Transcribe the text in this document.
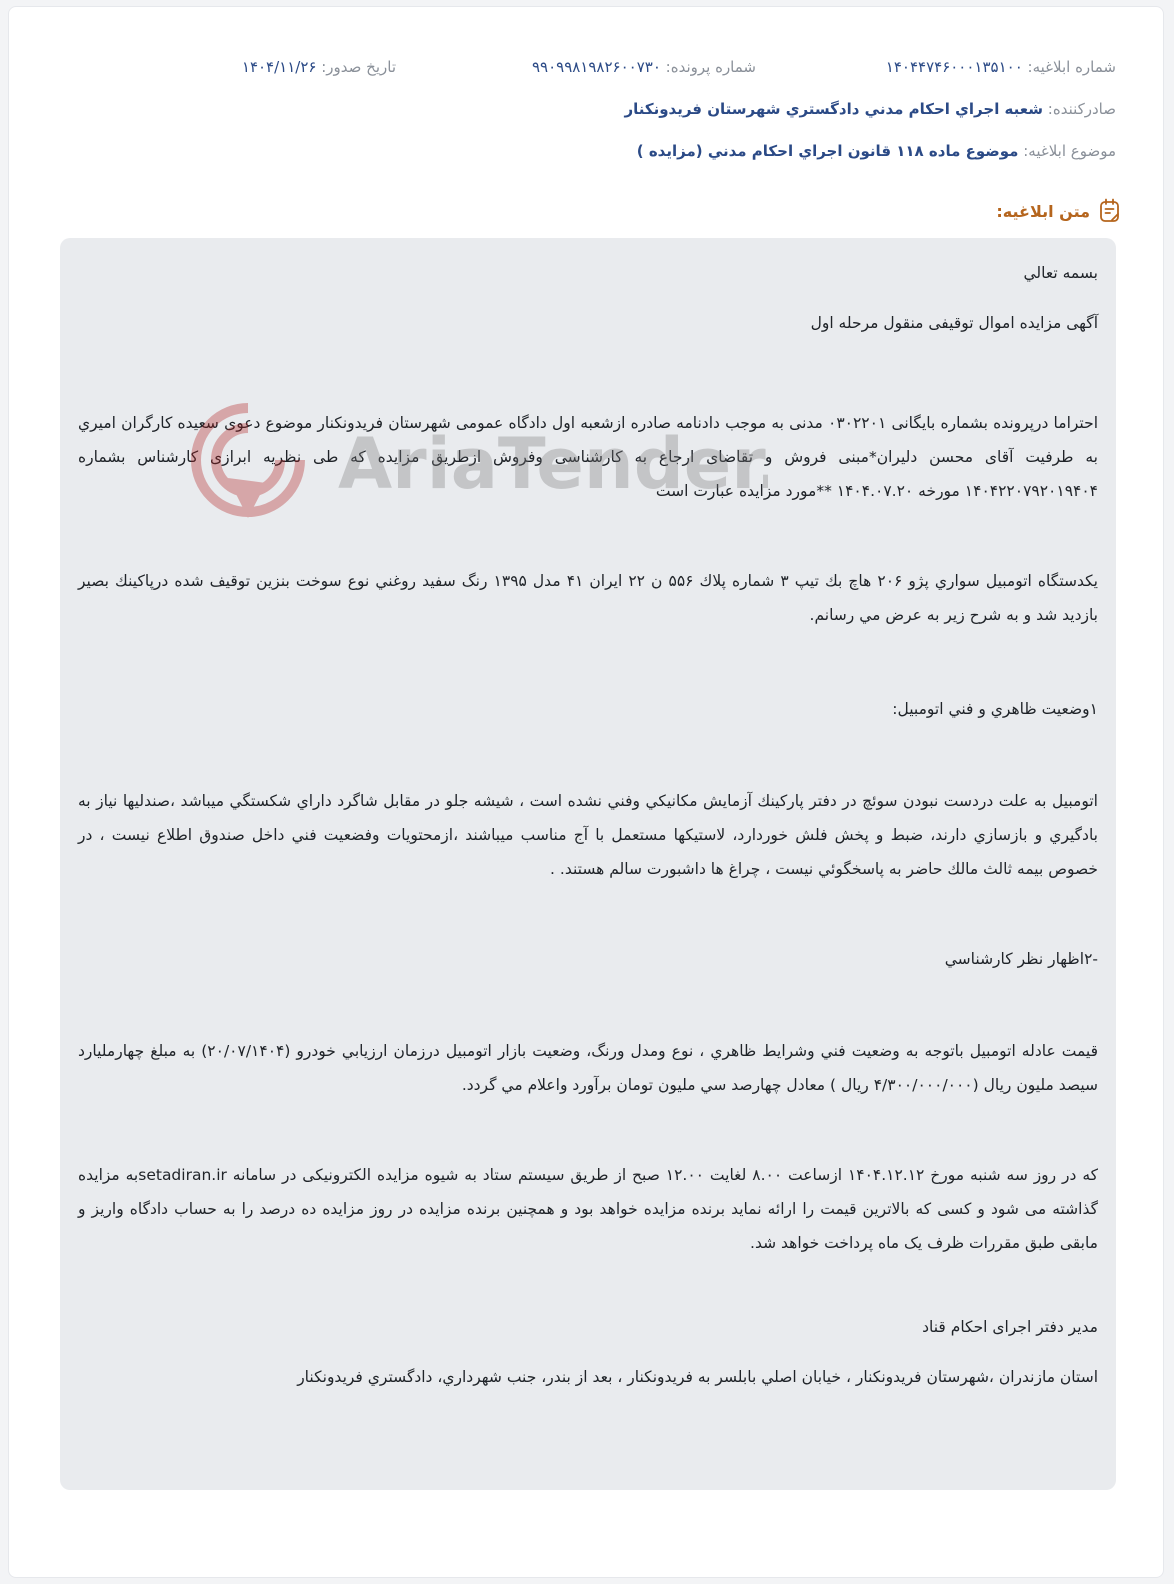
شماره ابلاغيه: ۱۴۰۴۴۷۴۶۰۰۰۱۳۵۱۰۰
شماره پرونده: ۹۹۰۹۹۸۱۹۸۲۶۰۰۷۳۰
تاريخ صدور: ۱۴۰۴/۱۱/۲۶
صادرکننده: شعبه اجراي احكام مدني دادگستري شهرستان فريدونكنار
موضوع ابلاغيه: موضوع ماده ۱۱۸ قانون اجراي احکام مدني (مزايده )
متن ابلاغیه:

بسمه تعالي

آگهی مزایده اموال توقیفی منقول مرحله اول

احتراما درپرونده بشماره بايگانى ۰۳۰۲۲۰۱ مدنى به موجب دادنامه صادره ازشعبه اول دادگاه عمومى شهرستان فريدونكنار موضوع دعوى سعيده كارگران اميري به طرفيت آقاى محسن دليران*مبنى فروش و تقاضاى ارجاع به كارشناسى وفروش ازطريق مزايده كه طى نظريه ابرازى كارشناس بشماره ۱۴۰۴۲۲۰۷۹۲۰۱۹۴۰۴ مورخه ۱۴۰۴.۰۷.۲۰ **مورد مزايده عبارت است

يكدستگاه اتومبيل سواري پژو ۲۰۶ هاچ بك تيپ ۳ شماره پلاك ۵۵۶ ن ۲۲ ايران ۴۱ مدل ۱۳۹۵ رنگ سفيد روغني نوع سوخت بنزين توقيف شده درپاكينك بصير بازديد شد و به شرح زير به عرض مي رسانم.

۱وضعيت ظاهري و فني اتومبيل:

اتومبيل به علت دردست نبودن سوئچ در دفتر پاركينك آزمايش مكانيكي وفني نشده است ، شيشه جلو در مقابل شاگرد داراي شكستگي ميباشد ،صندليها نياز به بادگيري و بازسازي دارند، ضبط و پخش فلش خوردارد، لاستيكها مستعمل با آج مناسب ميباشند ،ازمحتويات وفضعيت فني داخل صندوق اطلاع نيست ، در خصوص بيمه ثالث مالك حاضر به پاسخگوئي نيست ، چراغ ها داشبورت سالم هستند. .

-۲اظهار نظر كارشناسي

قيمت عادله اتومبيل باتوجه به وضعيت فني وشرايط ظاهري ، نوع ومدل ورنگ، وضعيت بازار اتومبيل درزمان ارزيابي خودرو (۲۰/۰۷/۱۴۰۴) به مبلغ چهارمليارد سيصد مليون ريال (۴/۳۰۰/۰۰۰/۰۰۰ ريال ) معادل چهارصد سي مليون تومان برآورد واعلام مي گردد.

كه در روز سه شنبه مورخ ۱۴۰۴.۱۲.۱۲ ازساعت ۸.۰۰ لغايت ۱۲.۰۰ صبح از طریق سیستم ستاد به شیوه مزایده الکترونیکی در سامانه setadiran.irبه مزایده گذاشته می شود و کسی که بالاترین قیمت را ارائه نماید برنده مزایده خواهد بود و همچنین برنده مزایده در روز مزایده ده درصد را به حساب دادگاه واریز و مابقی طبق مقررات ظرف یک ماه پرداخت خواهد شد.

مدير دفتر اجرای احكام قناد

استان مازندران ،شهرستان فريدونكنار ، خيابان اصلي بابلسر به فريدونكنار ، بعد از بندر، جنب شهرداري، دادگستري فريدونكنار

AriaTender
